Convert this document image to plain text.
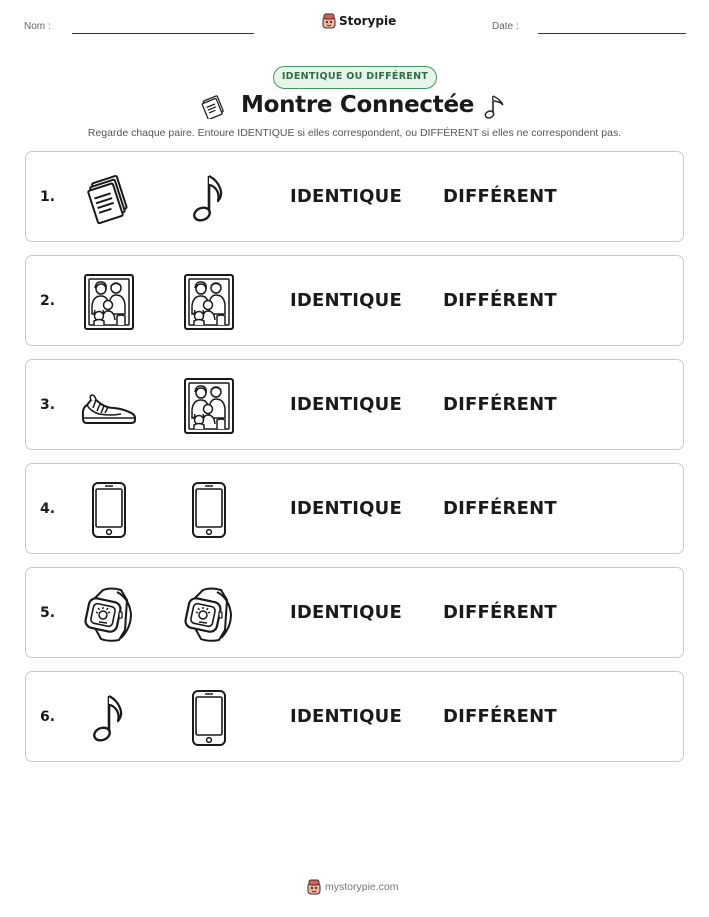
Nom :	Storypie	Date :
IDENTIQUE OU DIFFÉRENT
Montre Connectée
Regarde chaque paire. Entoure IDENTIQUE si elles correspondent, ou DIFFÉRENT si elles ne correspondent pas.
1.	IDENTIQUE DIFFÉRENT
2.	IDENTIQUE DIFFÉRENT
3.	IDENTIQUE DIFFÉRENT
4.	IDENTIQUE DIFFÉRENT
5.	IDENTIQUE DIFFÉRENT
6.	IDENTIQUE DIFFÉRENT
mystorypie.com
